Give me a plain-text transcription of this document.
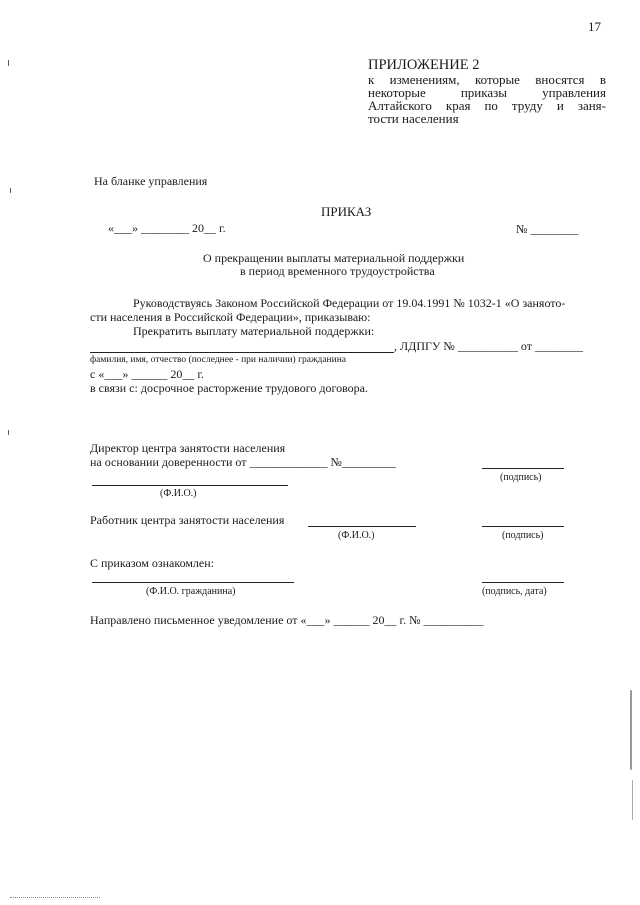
17
ПРИЛОЖЕНИЕ 2
к изменениям, которые вносятся в
некоторые приказы управления
Алтайского края по труду и заня-
тости населения
На бланке управления
ПРИКАЗ
«___» ________ 20__ г.	№ ________
О прекращении выплаты материальной поддержки
в период временного трудоустройства
Руководствуясь Законом Российской Федерации от 19.04.1991 № 1032-1 «О заняото-
сти населения в Российской Федерации», приказываю:
Прекратить выплату материальной поддержки:
, ЛДПГУ № __________ от ________
фамилия, имя, отчество (последнее - при наличии) гражданина
с «___» ______ 20__ г.
в связи с: досрочное расторжение трудового договора.
Директор центра занятости населения
на основании доверенности от _____________ №_________
(подпись)
(Ф.И.О.)
Работник центра занятости населения
(Ф.И.О.)	(подпись)
С приказом ознакомлен:
(Ф.И.О. гражданина)	(подпись, дата)
Направлено письменное уведомление от «___» ______ 20__ г. № __________
